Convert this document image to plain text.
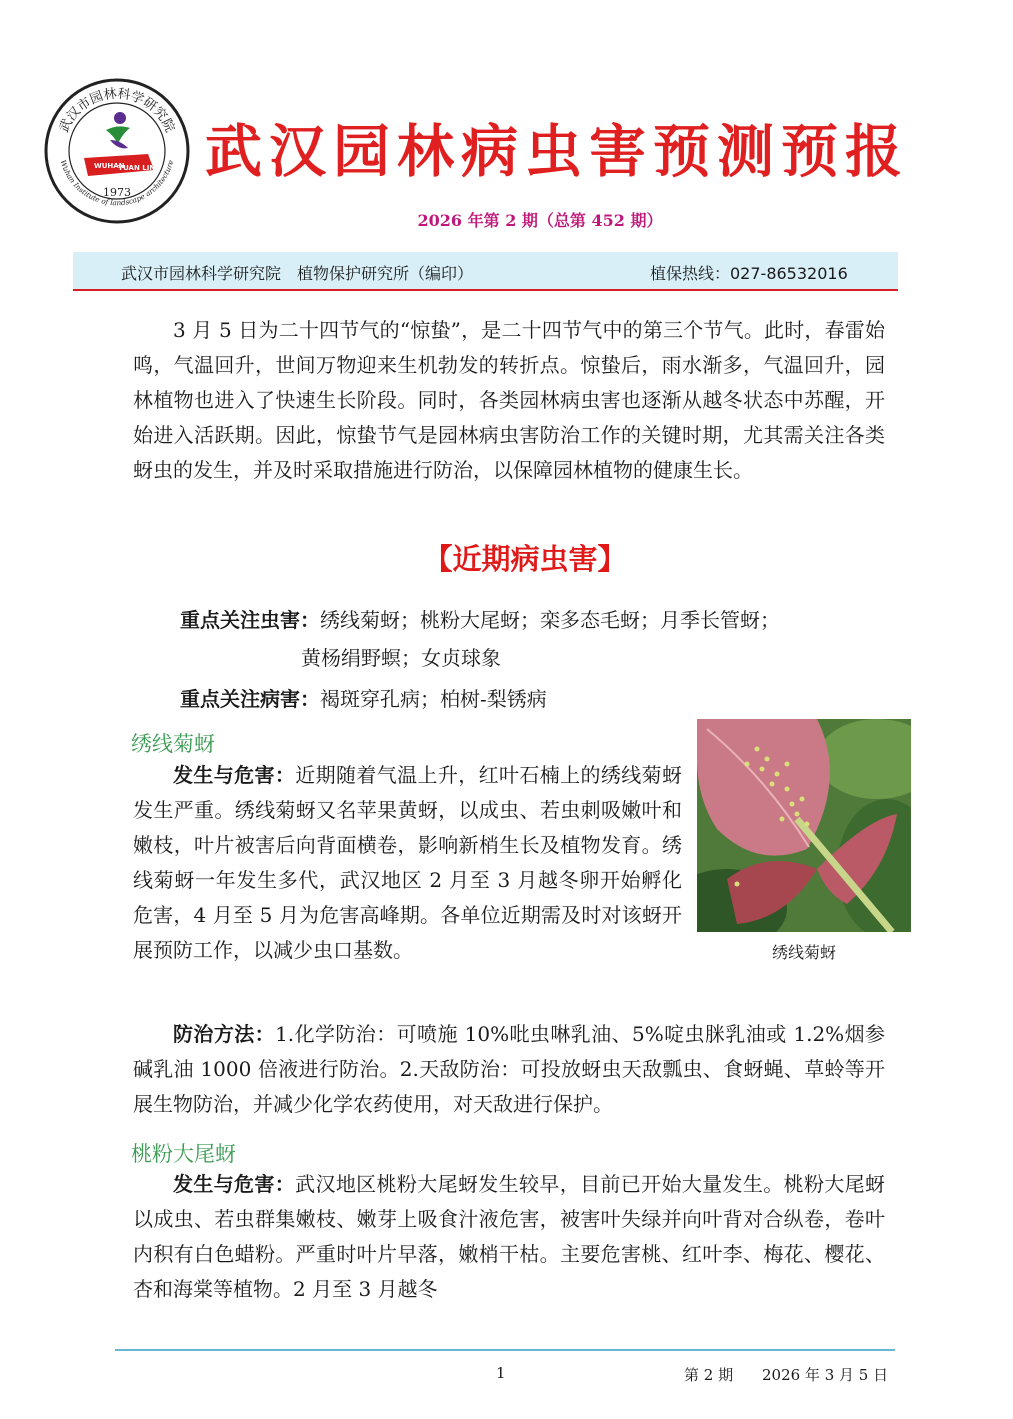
武汉市园林科学研究院
Wuhan Institute of landscape architecture
WUHAN
YUAN LIN
1973
武汉园林病虫害预测预报
2026 年第 2 期（总第 452 期）
武汉市园林科学研究院　植物保护研究所（编印）	植保热线：027-86532016

3 月 5 日为二十四节气的“惊蛰”，是二十四节气中的第三个节气。此时，春雷始鸣，气温回升，世间万物迎来生机勃发的转折点。惊蛰后，雨水渐多，气温回升，园林植物也进入了快速生长阶段。同时，各类园林病虫害也逐渐从越冬状态中苏醒，开始进入活跃期。因此，惊蛰节气是园林病虫害防治工作的关键时期，尤其需关注各类蚜虫的发生，并及时采取措施进行防治，以保障园林植物的健康生长。

【近期病虫害】
重点关注虫害：绣线菊蚜；桃粉大尾蚜；栾多态毛蚜；月季长管蚜；
黄杨绢野螟；女贞球象
重点关注病害：褐斑穿孔病；柏树-梨锈病
绣线菊蚜

发生与危害：近期随着气温上升，红叶石楠上的绣线菊蚜发生严重。绣线菊蚜又名苹果黄蚜，以成虫、若虫刺吸嫩叶和嫩枝，叶片被害后向背面横卷，影响新梢生长及植物发育。绣线菊蚜一年发生多代，武汉地区 2 月至 3 月越冬卵开始孵化危害，4 月至 5 月为危害高峰期。各单位近期需及时对该蚜开展预防工作，以减少虫口基数。	绣线菊蚜

防治方法：1.化学防治：可喷施 10%吡虫啉乳油、5%啶虫脒乳油或 1.2%烟参碱乳油 1000 倍液进行防治。2.天敌防治：可投放蚜虫天敌瓢虫、食蚜蝇、草蛉等开展生物防治，并减少化学农药使用，对天敌进行保护。

桃粉大尾蚜

发生与危害：武汉地区桃粉大尾蚜发生较早，目前已开始大量发生。桃粉大尾蚜以成虫、若虫群集嫩枝、嫩芽上吸食汁液危害，被害叶失绿并向叶背对合纵卷，卷叶内积有白色蜡粉。严重时叶片早落，嫩梢干枯。主要危害桃、红叶李、梅花、樱花、杏和海棠等植物。2 月至 3 月越冬

1	第 2 期 2026 年 3 月 5 日
